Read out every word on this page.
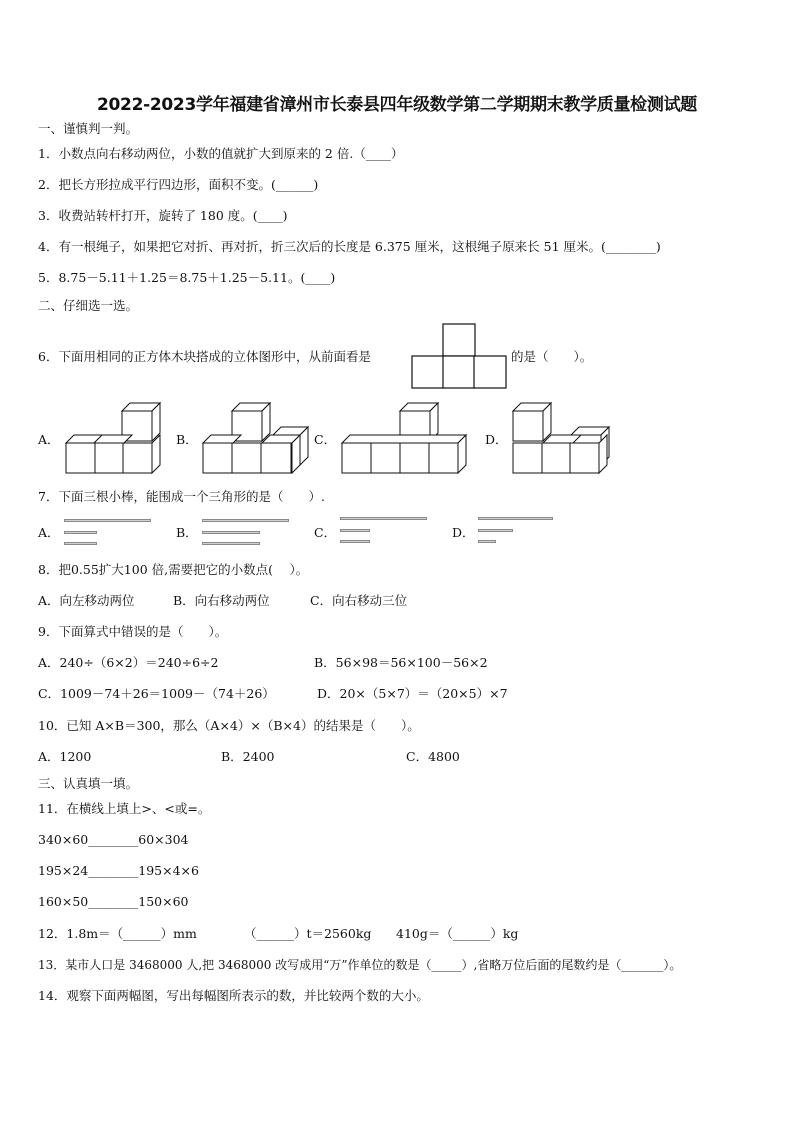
2022-2023学年福建省漳州市长泰县四年级数学第二学期期末教学质量检测试题
一、谨慎判一判。
1．小数点向右移动两位，小数的值就扩大到原来的 2 倍.（____）
2．把长方形拉成平行四边形，面积不变。(______)
3．收费站转杆打开，旋转了 180 度。(____)
4．有一根绳子，如果把它对折、再对折，折三次后的长度是 6.375 厘米，这根绳子原来长 51 厘米。(________)
5．8.75－5.11＋1.25＝8.75＋1.25－5.11。(____)
二、仔细选一选。
6．下面用相同的正方体木块搭成的立体图形中，从前面看是	的是（　　）。
A．	B．	C．	D．
7．下面三根小棒，能围成一个三角形的是（　　）.
A．	B．	C．	D．
8．把0.55扩大100 倍,需要把它的小数点(　 ）。
A．向左移动两位	B．向右移动两位	C．向右移动三位
9．下面算式中错误的是（　　）。
A．240÷（6×2）＝240÷6÷2	B．56×98＝56×100－56×2
C．1009－74＋26＝1009－（74＋26）	D．20×（5×7）＝（20×5）×7
10．已知 A×B＝300，那么（A×4）×（B×4）的结果是（　　）。
A．1200	B．2400	C．4800
三、认真填一填。
11．在横线上填上>、<或=。
340×60________60×304
195×24________195×4×6
160×50________150×60
12．1.8m＝（______）mm	（______）t＝2560kg 410g＝（______）kg
13．某市人口是 3468000 人,把 3468000 改写成用“万”作单位的数是（_____）,省略万位后面的尾数约是（_______）。
14．观察下面两幅图，写出每幅图所表示的数，并比较两个数的大小。
